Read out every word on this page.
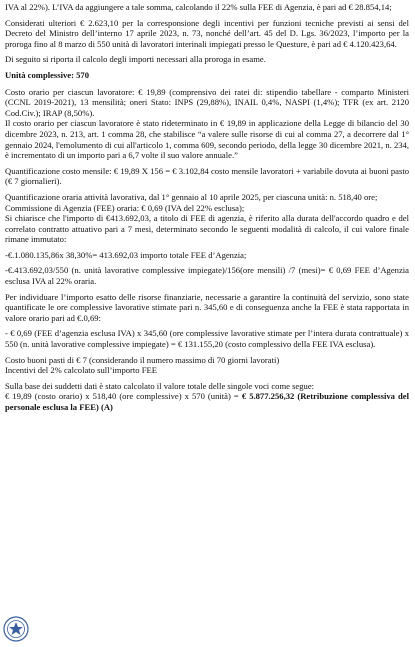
IVA al 22%). L’IVA da aggiungere a tale somma, calcolando il 22% sulla FEE di Agenzia, è pari ad € 28.854,14;

Considerati ulteriori € 2.623,10 per la corresponsione degli incentivi per funzioni tecniche previsti ai sensi del Decreto del Ministro dell’interno 17 aprile 2023, n. 73, nonché dell’art. 45 del D. Lgs. 36/2023, l’importo per la proroga fino al 8 marzo di 550 unità di lavoratori interinali impiegati presso le Questure, è pari ad € 4.120.423,64.

Di seguito si riporta il calcolo degli importi necessari alla proroga in esame.

Unità complessive: 570

Costo orario per ciascun lavoratore: € 19,89 (comprensivo dei ratei di: stipendio tabellare - comparto Ministeri (CCNL 2019-2021), 13 mensilità; oneri Stato: INPS (29,88%), INAIL 0,4%, NASPI (1,4%); TFR (ex art. 2120 Cod.Civ.); IRAP (8,50%).

Il costo orario per ciascun lavoratore è stato rideterminato in € 19,89 in applicazione della Legge di bilancio del 30 dicembre 2023, n. 213, art. 1 comma 28, che stabilisce “a valere sulle risorse di cui al comma 27, a decorrere dal 1° gennaio 2024, l'emolumento di cui all'articolo 1, comma 609, secondo periodo, della legge 30 dicembre 2021, n. 234, è incrementato di un importo pari a 6,7 volte il suo valore annuale.”

Quantificazione costo mensile: € 19,89 X 156 = € 3.102,84 costo mensile lavoratori + variabile dovuta ai buoni pasto (€ 7 giornalieri).

Quantificazione oraria attività lavorativa, dal 1° gennaio al 10 aprile 2025, per ciascuna unità: n. 518,40 ore;

Commissione di Agenzia (FEE) oraria: € 0,69 (IVA del 22% esclusa);

Si chiarisce che l'importo di €413.692,03, a titolo di FEE di agenzia, è riferito alla durata dell'accordo quadro e del correlato contratto attuativo pari a 7 mesi, determinato secondo le seguenti modalità di calcolo, il cui valore finale rimane immutato:

-€.1.080.135,86x 38,30%= 413.692,03 importo totale FEE d’Agenzia;

-€.413.692,03/550 (n. unità lavorative complessive impiegate)/156(ore mensili) /7 (mesi)= € 0,69 FEE d’Agenzia esclusa IVA al 22% oraria.

Per individuare l’importo esatto delle risorse finanziarie, necessarie a garantire la continuità del servizio, sono state quantificate le ore complessive lavorative stimate pari n. 345,60 e di conseguenza anche la FEE è stata rapportata in valore orario pari ad €.0,69:

- € 0,69 (FEE d’agenzia esclusa IVA) x 345,60 (ore complessive lavorative stimate per l’intera durata contrattuale) x 550 (n. unità lavorative complessive impiegate) = € 131.155,20 (costo complessivo della FEE IVA esclusa).

Costo buoni pasti di € 7 (considerando il numero massimo di 70 giorni lavorati)

Incentivi del 2% calcolato sull’importo FEE

Sulla base dei suddetti dati è stato calcolato il valore totale delle singole voci come segue:

€ 19,89 (costo orario) x 518,40 (ore complessive) x 570 (unità) = € 5.877.256,32 (Retribuzione complessiva del personale esclusa la FEE) (A)
